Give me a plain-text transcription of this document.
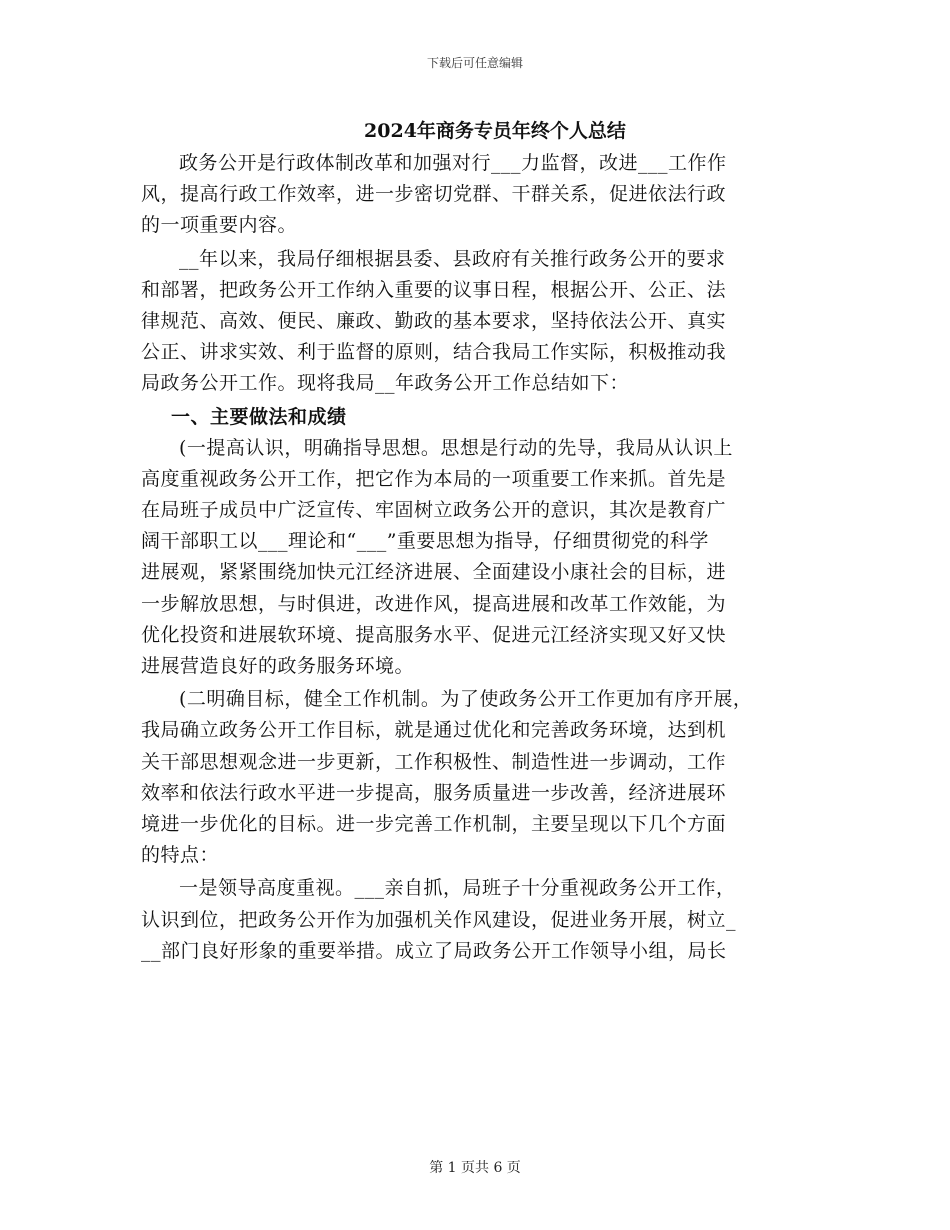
下载后可任意编辑
2024年商务专员年终个人总结
政务公开是行政体制改革和加强对行___力监督，改进___工作作
风，提高行政工作效率，进一步密切党群、干群关系，促进依法行政
的一项重要内容。
__年以来，我局仔细根据县委、县政府有关推行政务公开的要求
和部署，把政务公开工作纳入重要的议事日程，根据公开、公正、法
律规范、高效、便民、廉政、勤政的基本要求，坚持依法公开、真实
公正、讲求实效、利于监督的原则，结合我局工作实际，积极推动我
局政务公开工作。现将我局__年政务公开工作总结如下：
一、主要做法和成绩
(一提高认识，明确指导思想。思想是行动的先导，我局从认识上
高度重视政务公开工作，把它作为本局的一项重要工作来抓。首先是
在局班子成员中广泛宣传、牢固树立政务公开的意识，其次是教育广
阔干部职工以___理论和“___”重要思想为指导，仔细贯彻党的科学
进展观，紧紧围绕加快元江经济进展、全面建设小康社会的目标，进
一步解放思想，与时俱进，改进作风，提高进展和改革工作效能，为
优化投资和进展软环境、提高服务水平、促进元江经济实现又好又快
进展营造良好的政务服务环境。
(二明确目标，健全工作机制。为了使政务公开工作更加有序开展，
我局确立政务公开工作目标，就是通过优化和完善政务环境，达到机
关干部思想观念进一步更新，工作积极性、制造性进一步调动，工作
效率和依法行政水平进一步提高，服务质量进一步改善，经济进展环
境进一步优化的目标。进一步完善工作机制，主要呈现以下几个方面
的特点：
一是领导高度重视。___亲自抓，局班子十分重视政务公开工作，
认识到位，把政务公开作为加强机关作风建设，促进业务开展，树立_
__部门良好形象的重要举措。成立了局政务公开工作领导小组，局长
第 1 页共 6 页
